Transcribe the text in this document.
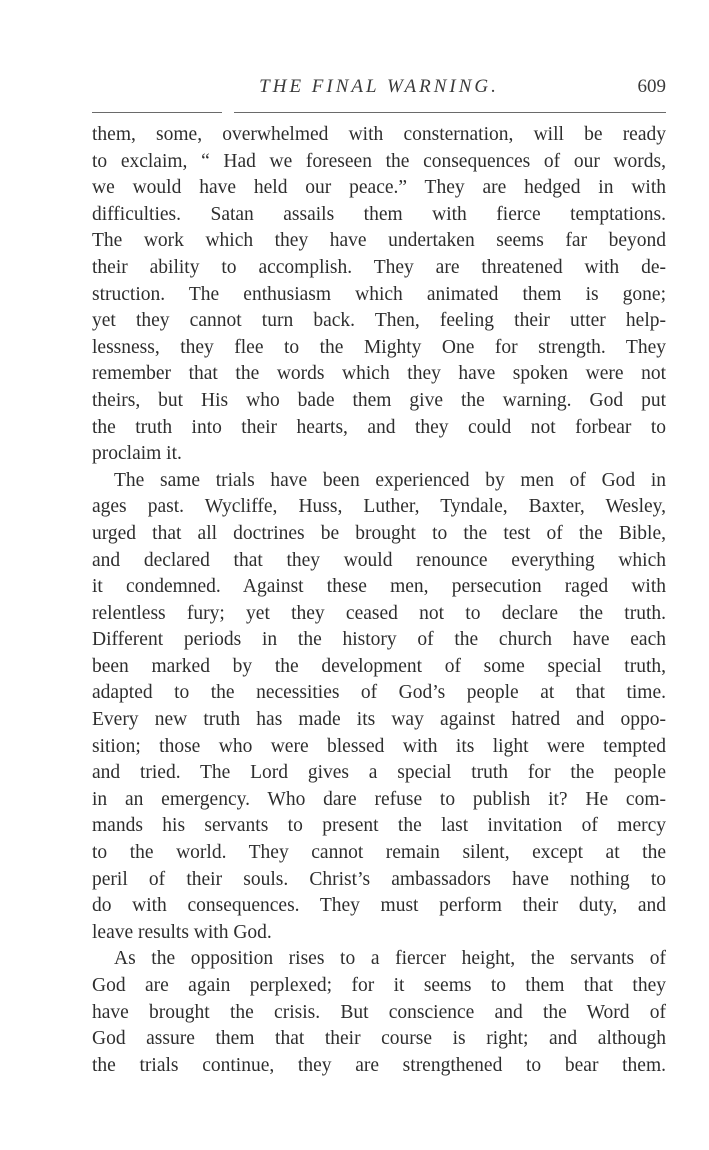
THE FINAL WARNING.	609
them, some, overwhelmed with consternation, will be ready
to exclaim, “ Had we foreseen the consequences of our words,
we would have held our peace.” They are hedged in with
difficulties. Satan assails them with fierce temptations.
The work which they have undertaken seems far beyond
their ability to accomplish. They are threatened with de-
struction. The enthusiasm which animated them is gone;
yet they cannot turn back. Then, feeling their utter help-
lessness, they flee to the Mighty One for strength. They
remember that the words which they have spoken were not
theirs, but His who bade them give the warning. God put
the truth into their hearts, and they could not forbear to
proclaim it.
The same trials have been experienced by men of God in
ages past. Wycliffe, Huss, Luther, Tyndale, Baxter, Wesley,
urged that all doctrines be brought to the test of the Bible,
and declared that they would renounce everything which
it condemned. Against these men, persecution raged with
relentless fury; yet they ceased not to declare the truth.
Different periods in the history of the church have each
been marked by the development of some special truth,
adapted to the necessities of God’s people at that time.
Every new truth has made its way against hatred and oppo-
sition; those who were blessed with its light were tempted
and tried. The Lord gives a special truth for the people
in an emergency. Who dare refuse to publish it? He com-
mands his servants to present the last invitation of mercy
to the world. They cannot remain silent, except at the
peril of their souls. Christ’s ambassadors have nothing to
do with consequences. They must perform their duty, and
leave results with God.
As the opposition rises to a fiercer height, the servants of
God are again perplexed; for it seems to them that they
have brought the crisis. But conscience and the Word of
God assure them that their course is right; and although
the trials continue, they are strengthened to bear them.
